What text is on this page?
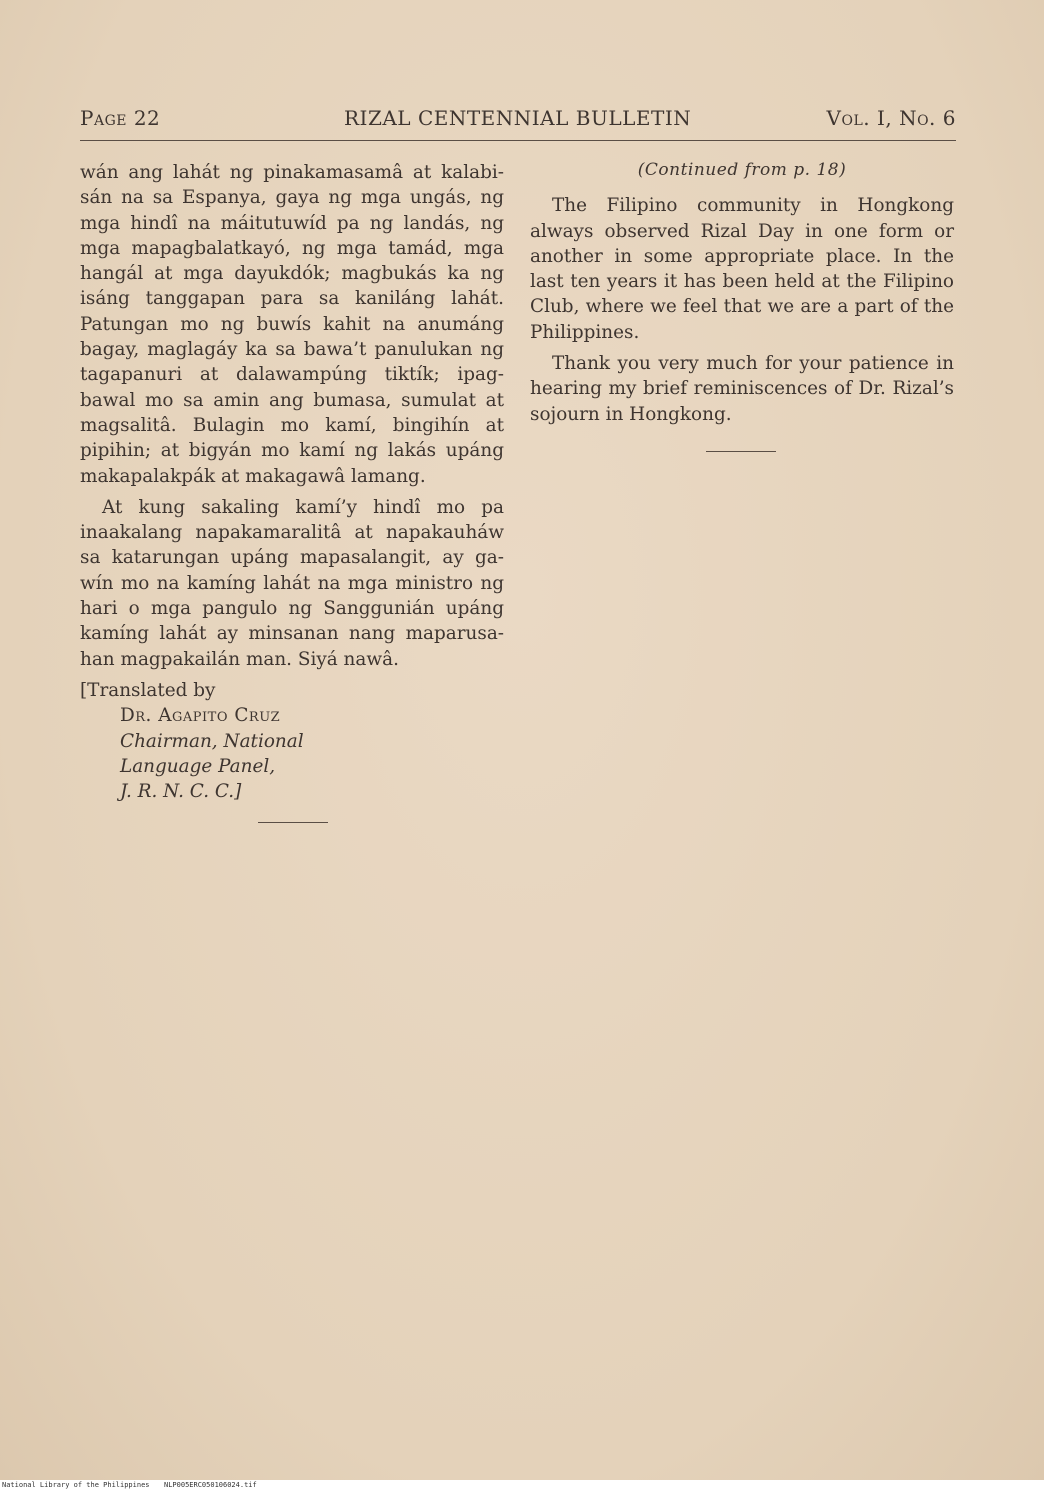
Page 22	RIZAL CENTENNIAL BULLETIN	Vol. I, No. 6

wán ang lahát ng pinakamasamâ at kalabisán na sa Espanya, gaya ng mga ungás, ng mga hindî na máitutuwíd pa ng landás, ng mga mapagbalatkayó, ng mga tamád, mga hangál at mga dayukdók; magbukás ka ng isáng tanggapan para sa kaniláng lahát. Patungan mo ng buwís kahit na anumáng bagay, maglagáy ka sa bawa’t panulukan ng tagapanuri at dalawampúng tiktík; ipagbawal mo sa amin ang bumasa, sumulat at magsalitâ. Bulagin mo kamí, bingihín at pipihin; at bigyán mo kamí ng lakás upáng makapalakpák at makagawâ lamang.

At kung sakaling kamí’y hindî mo pa inaakalang napakamaralitâ at napakauháw sa katarungan upáng mapasalangit, ay gawín mo na kamíng lahát na mga ministro ng hari o mga pangulo ng Sanggunián upáng kamíng lahát ay minsanan nang maparusahan magpakailán man. Siyá nawâ.

[Translated by

Dr. Agapito Cruz
Chairman, National
Language Panel,
J. R. N. C. C.]
(Continued from p. 18)

The Filipino community in Hongkong always observed Rizal Day in one form or another in some appropriate place. In the last ten years it has been held at the Filipino Club, where we feel that we are a part of the Philippines.

Thank you very much for your patience in hearing my brief reminiscences of Dr. Rizal’s sojourn in Hongkong.

National Library of the Philippines NLP005ERC050106024.tif
